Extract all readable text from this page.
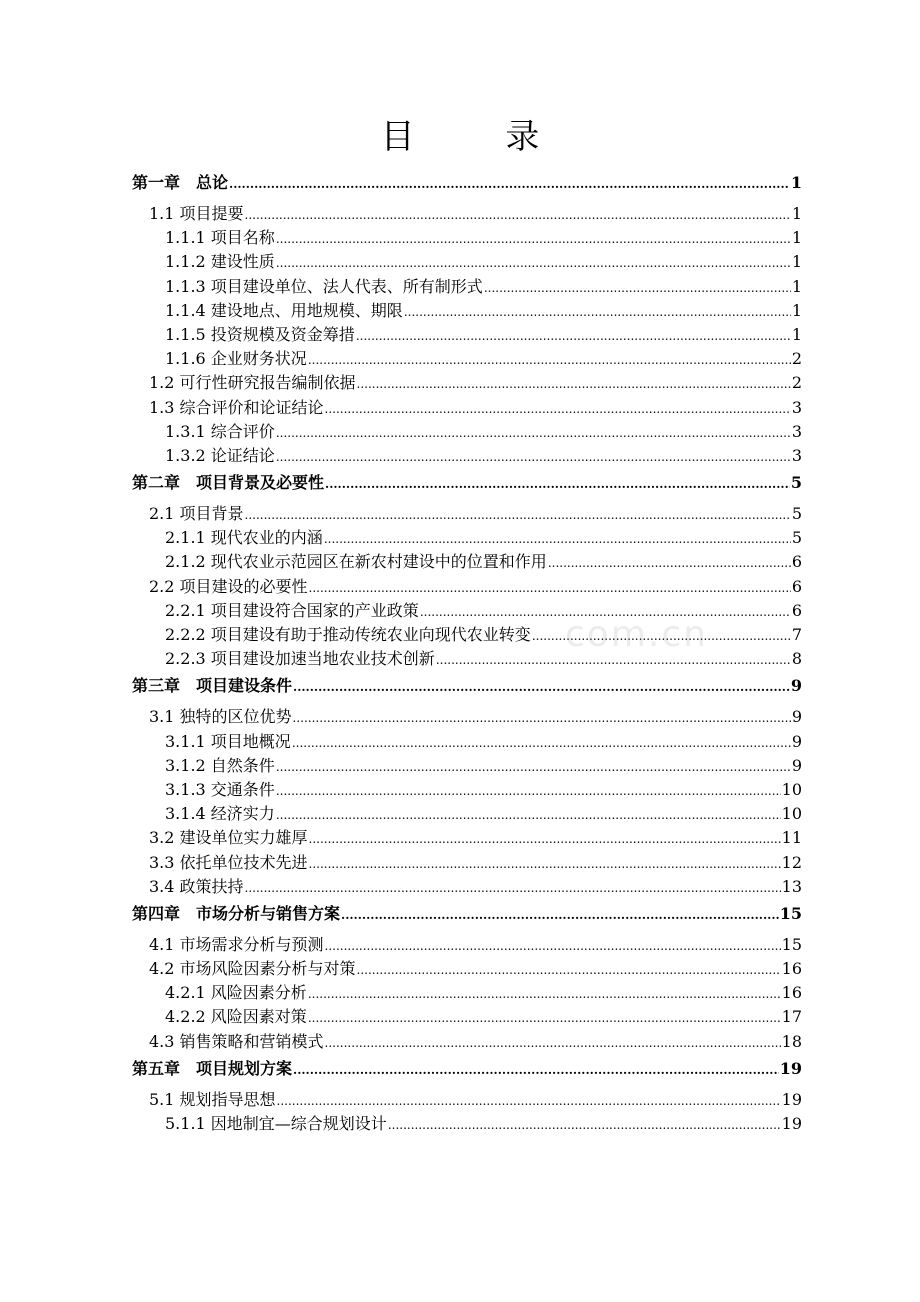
目 录
第一章　总论 .....	1
1.1 项目提要 .....	1
1.1.1 项目名称 .....	1
1.1.2 建设性质 .....	1
1.1.3 项目建设单位、法人代表、所有制形式 .....	1
1.1.4 建设地点、用地规模、期限 .....	1
1.1.5 投资规模及资金筹措 .....	1
1.1.6 企业财务状况 .....	2
1.2 可行性研究报告编制依据 .....	2
1.3 综合评价和论证结论 .....	3
1.3.1 综合评价 .....	3
1.3.2 论证结论 .....	3
第二章　项目背景及必要性 .....	5
2.1 项目背景 .....	5
2.1.1 现代农业的内涵 .....	5
2.1.2 现代农业示范园区在新农村建设中的位置和作用 .....	6
2.2 项目建设的必要性 .....	6
2.2.1 项目建设符合国家的产业政策 .....	6
2.2.2 项目建设有助于推动传统农业向现代农业转变 .....	7
2.2.3 项目建设加速当地农业技术创新 .....	8
第三章　项目建设条件 .....	9
3.1 独特的区位优势 .....	9
3.1.1 项目地概况 .....	9
3.1.2 自然条件 .....	9
3.1.3 交通条件 .....	10
3.1.4 经济实力 .....	10
3.2 建设单位实力雄厚 .....	11
3.3 依托单位技术先进 .....	12
3.4 政策扶持 .....	13
第四章　市场分析与销售方案 .....	15
4.1 市场需求分析与预测 .....	15
4.2 市场风险因素分析与对策 .....	16
4.2.1 风险因素分析 .....	16
4.2.2 风险因素对策 .....	17
4.3 销售策略和营销模式 .....	18
第五章　项目规划方案 .....	19
5.1 规划指导思想 .....	19
5.1.1 因地制宜—综合规划设计 .....	19
com.cn
